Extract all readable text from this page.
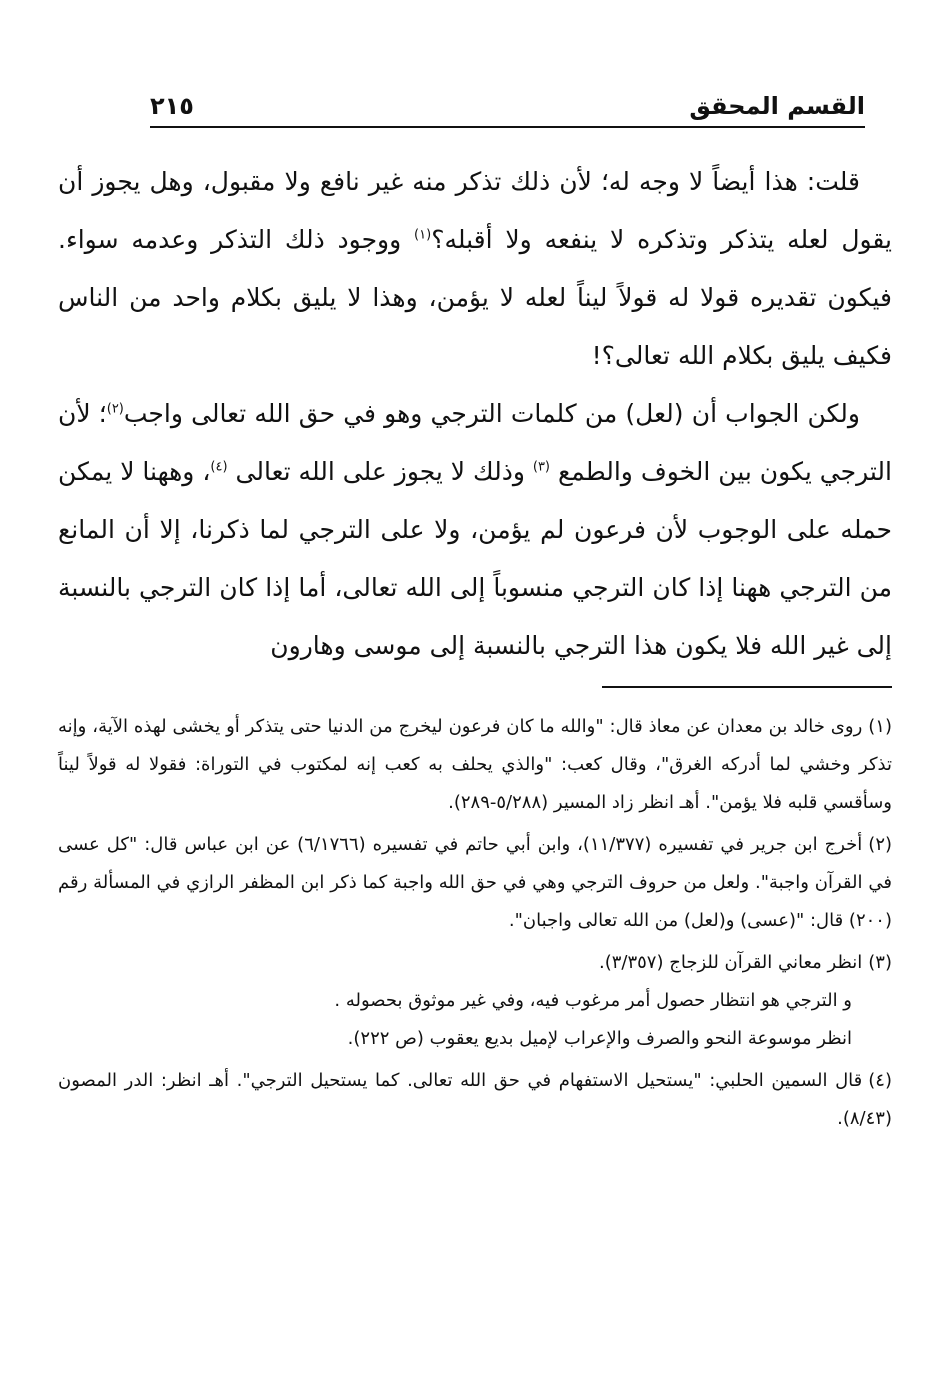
القسم المحقق
٢١٥

قلت: هذا أيضاً لا وجه له؛ لأن ذلك تذكر منه غير نافع ولا مقبول، وهل يجوز أن يقول لعله يتذكر وتذكره لا ينفعه ولا أقبله؟$^{(١)}$ ووجود ذلك التذكر وعدمه سواء. فيكون تقديره قولا له قولاً ليناً لعله لا يؤمن، وهذا لا يليق بكلام واحد من الناس فكيف يليق بكلام الله تعالى؟!

ولكن الجواب أن (لعل) من كلمات الترجي وهو في حق الله تعالى واجب$^{(٢)}$؛ لأن الترجي يكون بين الخوف والطمع $^{(٣)}$ وذلك لا يجوز على الله تعالى $^{(٤)}$، وههنا لا يمكن حمله على الوجوب لأن فرعون لم يؤمن، ولا على الترجي لما ذكرنا، إلا أن المانع من الترجي ههنا إذا كان الترجي منسوباً إلى الله تعالى، أما إذا كان الترجي بالنسبة إلى غير الله فلا يكون هذا الترجي بالنسبة إلى موسى وهارون

(١)روى خالد بن معدان عن معاذ قال: "والله ما كان فرعون ليخرج من الدنيا حتى يتذكر أو يخشى لهذه الآية، وإنه تذكر وخشي لما أدركه الغرق"، وقال كعب: "والذي يحلف به كعب إنه لمكتوب في التوراة: فقولا له قولاً ليناً وسأقسي قلبه فلا يؤمن". أهـ انظر زاد المسير (٥/٢٨٨-٢٨٩).
(٢)أخرج ابن جرير في تفسيره (١١/٣٧٧)، وابن أبي حاتم في تفسيره (٦/١٧٦٦) عن ابن عباس قال: "كل عسى في القرآن واجبة". ولعل من حروف الترجي وهي في حق الله واجبة كما ذكر ابن المظفر الرازي في المسألة رقم (٢٠٠) قال: "(عسى) و(لعل) من الله تعالى واجبان".
(٣)انظر معاني القرآن للزجاج (٣/٣٥٧).

و الترجي هو انتظار حصول أمر مرغوب فيه، وفي غير موثوق بحصوله .

انظر موسوعة النحو والصرف والإعراب لإميل بديع يعقوب (ص ٢٢٢).

(٤)قال السمين الحلبي: "يستحيل الاستفهام في حق الله تعالى. كما يستحيل الترجي". أهـ انظر: الدر المصون (٨/٤٣).
